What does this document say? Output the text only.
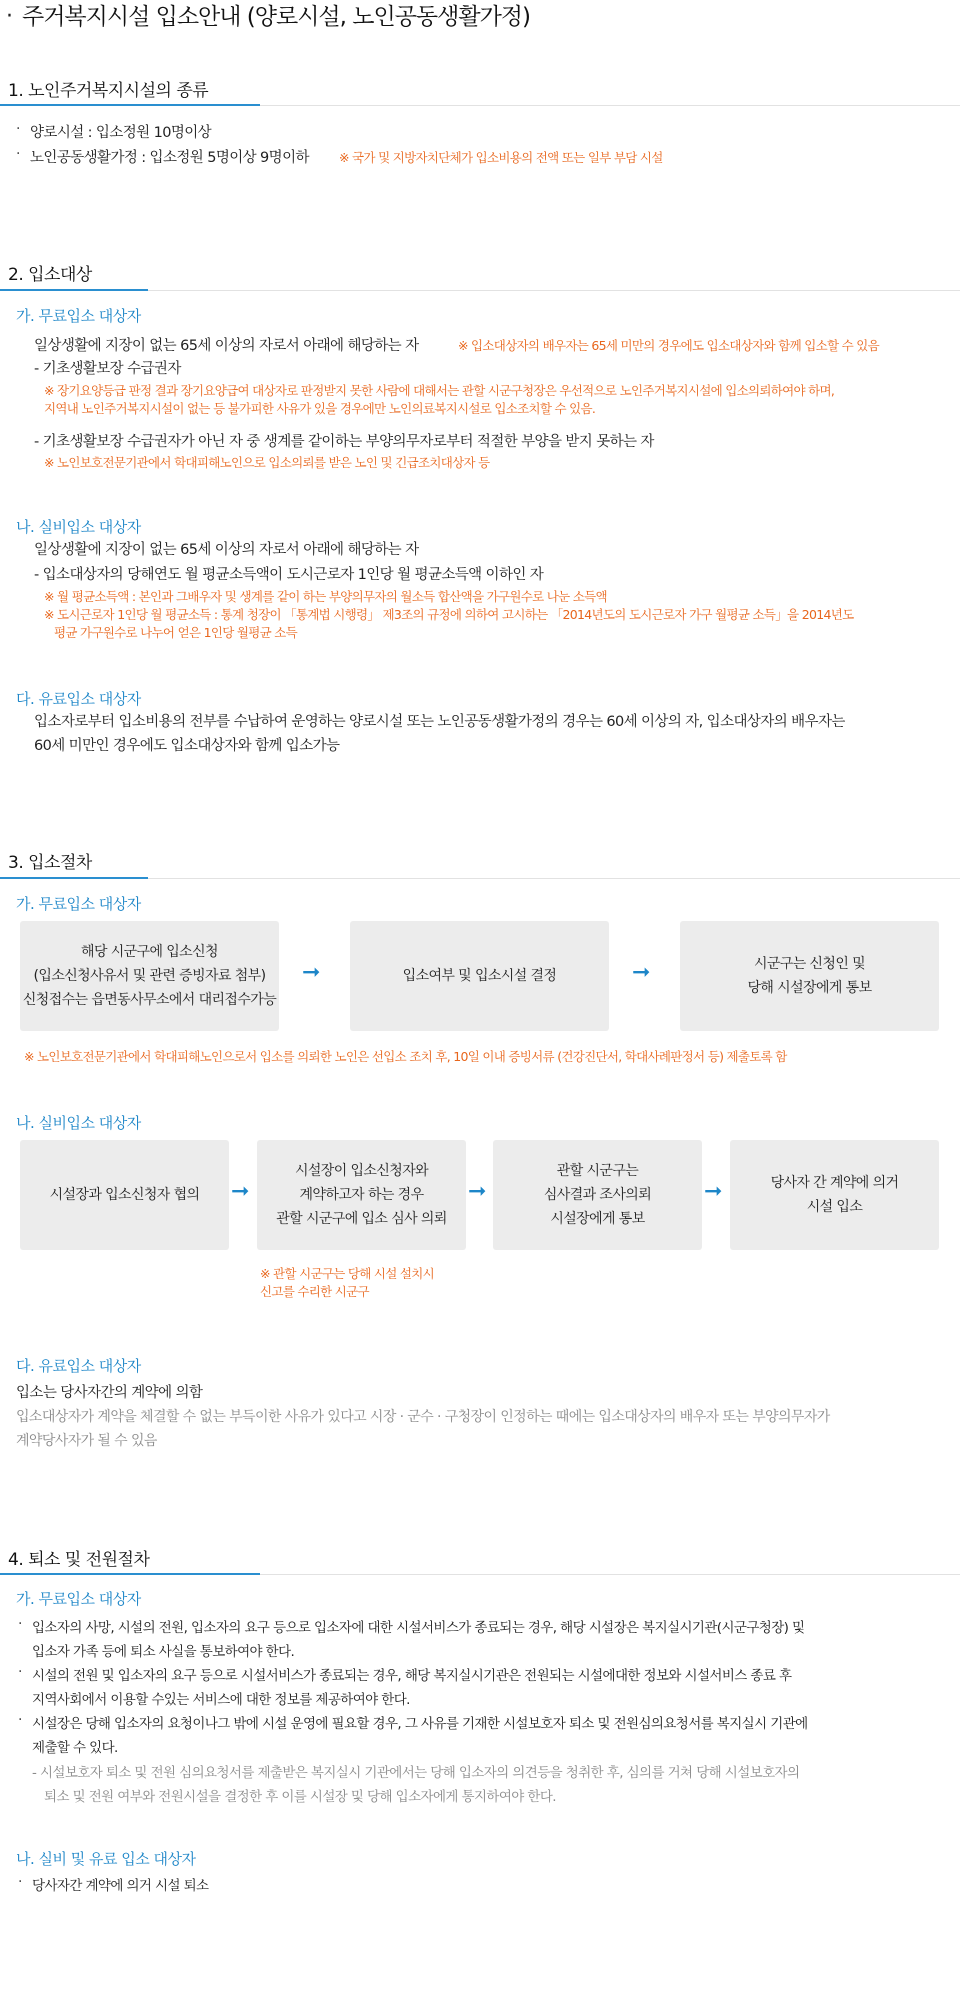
· 주거복지시설 입소안내 (양로시설, 노인공동생활가정)
1. 노인주거복지시설의 종류
· 양로시설 : 입소정원 10명이상
· 노인공동생활가정 : 입소정원 5명이상 9명이하 ※ 국가 및 지방자치단체가 입소비용의 전액 또는 일부 부담 시설
2. 입소대상
가. 무료입소 대상자
일상생활에 지장이 없는 65세 이상의 자로서 아래에 해당하는 자	※ 입소대상자의 배우자는 65세 미만의 경우에도 입소대상자와 함께 입소할 수 있음
- 기초생활보장 수급권자
※ 장기요양등급 판정 결과 장기요양급여 대상자로 판정받지 못한 사람에 대해서는 관할 시군구청장은 우선적으로 노인주거복지시설에 입소의뢰하여야 하며,
지역내 노인주거복지시설이 없는 등 불가피한 사유가 있을 경우에만 노인의료복지시설로 입소조치할 수 있음.
- 기초생활보장 수급권자가 아닌 자 중 생계를 같이하는 부양의무자로부터 적절한 부양을 받지 못하는 자
※ 노인보호전문기관에서 학대피해노인으로 입소의뢰를 받은 노인 및 긴급조치대상자 등
나. 실비입소 대상자
일상생활에 지장이 없는 65세 이상의 자로서 아래에 해당하는 자
- 입소대상자의 당해연도 월 평균소득액이 도시근로자 1인당 월 평균소득액 이하인 자
※ 월 평균소득액 : 본인과 그배우자 및 생계를 같이 하는 부양의무자의 월소득 합산액을 가구원수로 나눈 소득액
※ 도시근로자 1인당 월 평균소득 : 통계 청장이 「통계법 시행령」 제3조의 규정에 의하여 고시하는 「2014년도의 도시근로자 가구 월평균 소득」을 2014년도
평균 가구원수로 나누어 얻은 1인당 월평균 소득
다. 유료입소 대상자
입소자로부터 입소비용의 전부를 수납하여 운영하는 양로시설 또는 노인공동생활가정의 경우는 60세 이상의 자, 입소대상자의 배우자는
60세 미만인 경우에도 입소대상자와 함께 입소가능
3. 입소절차
가. 무료입소 대상자
해당 시군구에 입소신청
(입소신청사유서 및 관련 증빙자료 첨부)
신청접수는 읍면동사무소에서 대리접수가능
➞	입소여부 및 입소시설 결정	➞	시군구는 신청인 및
당해 시설장에게 통보
※ 노인보호전문기관에서 학대피해노인으로서 입소를 의뢰한 노인은 선입소 조치 후, 10일 이내 증빙서류 (건강진단서, 학대사례판정서 등) 제출토록 함
나. 실비입소 대상자
시설장과 입소신청자 협의 ➞
시설장이 입소신청자와
계약하고자 하는 경우
관할 시군구에 입소 심사 의뢰
➞
관할 시군구는
심사결과 조사의뢰
시설장에게 통보
➞	당사자 간 계약에 의거
시설 입소
※ 관할 시군구는 당해 시설 설치시
신고를 수리한 시군구
다. 유료입소 대상자
입소는 당사자간의 계약에 의함
입소대상자가 계약을 체결할 수 없는 부득이한 사유가 있다고 시장 · 군수 · 구청장이 인정하는 때에는 입소대상자의 배우자 또는 부양의무자가
계약당사자가 될 수 있음
4. 퇴소 및 전원절차
가. 무료입소 대상자
· 입소자의 사망, 시설의 전원, 입소자의 요구 등으로 입소자에 대한 시설서비스가 종료되는 경우, 해당 시설장은 복지실시기관(시군구청장) 및
입소자 가족 등에 퇴소 사실을 통보하여야 한다.
· 시설의 전원 및 입소자의 요구 등으로 시설서비스가 종료되는 경우, 해당 복지실시기관은 전원되는 시설에대한 정보와 시설서비스 종료 후
지역사회에서 이용할 수있는 서비스에 대한 정보를 제공하여야 한다.
· 시설장은 당해 입소자의 요청이나그 밖에 시설 운영에 필요할 경우, 그 사유를 기재한 시설보호자 퇴소 및 전원심의요청서를 복지실시 기관에
제출할 수 있다.
- 시설보호자 퇴소 및 전원 심의요청서를 제출받은 복지실시 기관에서는 당해 입소자의 의견등을 청취한 후, 심의를 거쳐 당해 시설보호자의
퇴소 및 전원 여부와 전원시설을 결정한 후 이를 시설장 및 당해 입소자에게 통지하여야 한다.
나. 실비 및 유료 입소 대상자
· 당사자간 계약에 의거 시설 퇴소
